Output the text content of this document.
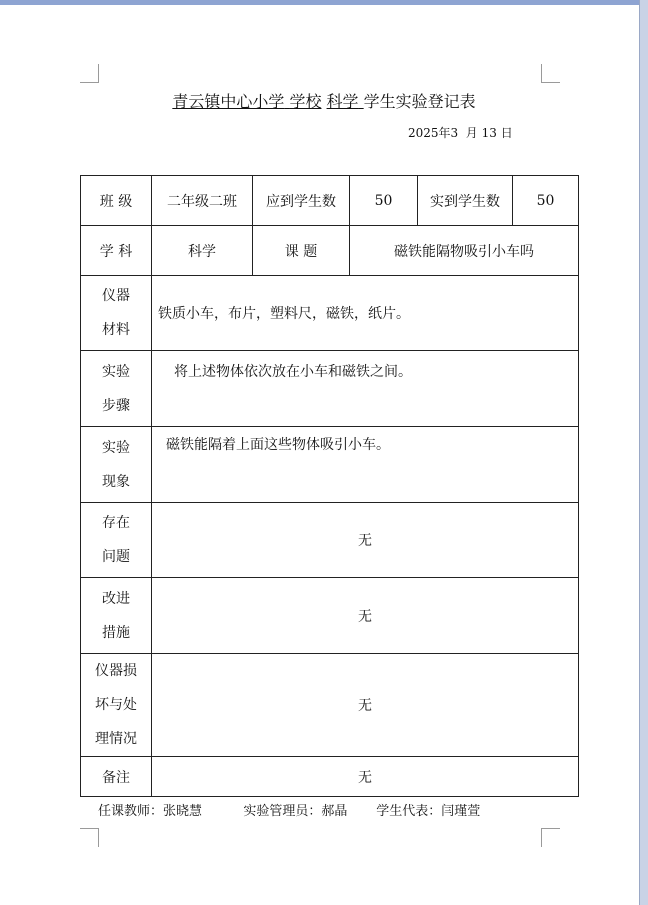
青云镇中心小学 学校 科学 学生实验登记表
2025年3  月 13 日
班 级	二年级二班	应到学生数	50	实到学生数	50
学 科	科学	课 题	磁铁能隔物吸引小车吗		

仪器
材料	铁质小车，布片，塑料尺，磁铁，纸片。				

实验
步骤	将上述物体依次放在小车和磁铁之间。				

实验
现象	磁铁能隔着上面这些物体吸引小车。				

存在
问题	无				

改进
措施	无				

仪器损
坏与处
理情况	无				
备注	无				
任课教师：张晓慧	实验管理员：郝晶 学生代表：闫瑾萱
